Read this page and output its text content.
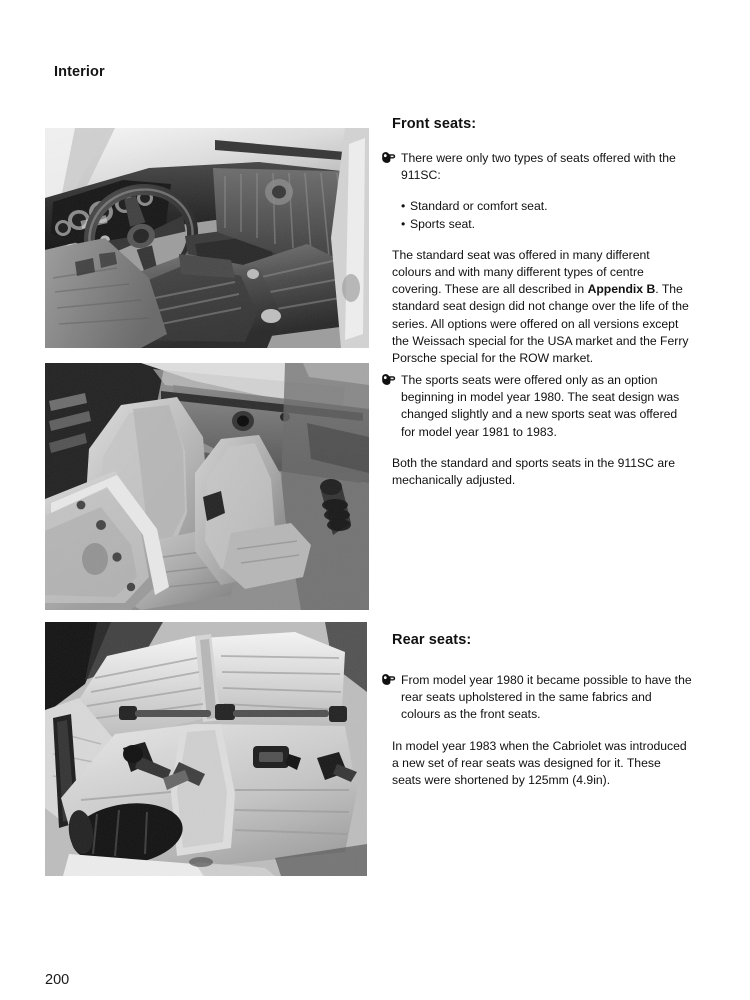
Interior
Front seats:

There were only two types of seats offered with the 911SC:

• Standard or comfort seat.
• Sports seat.

The standard seat was offered in many different colours and with many different types of centre covering. These are all described in Appendix B. The standard seat design did not change over the life of the series. All options were offered on all versions except the Weissach special for the USA market and the Ferry Porsche special for the ROW market.

The sports seats were offered only as an option beginning in model year 1980. The seat design was changed slightly and a new sports seat was offered for model year 1981 to 1983.

Both the standard and sports seats in the 911SC are mechanically adjusted.

Rear seats:

From model year 1980 it became possible to have the rear seats upholstered in the same fabrics and colours as the front seats.

In model year 1983 when the Cabriolet was introduced a new set of rear seats was designed for it. These seats were shortened by 125mm (4.9in).

200
